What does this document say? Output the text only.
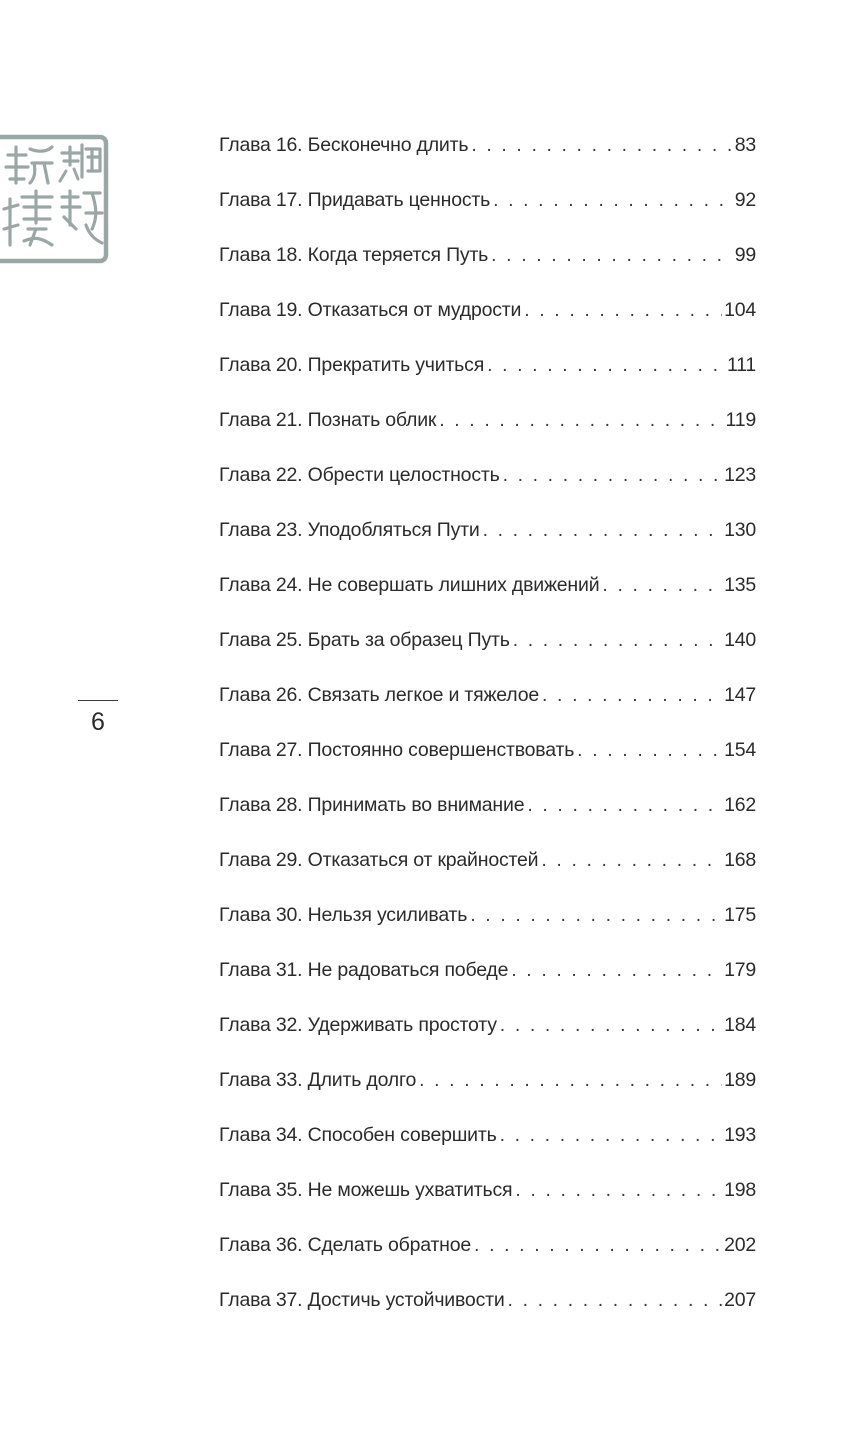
6
Глава 16. Бесконечно длить . . .	83
Глава 17. Придавать ценность . . .	92
Глава 18. Когда теряется Путь . . .	99
Глава 19. Отказаться от мудрости . . .	104
Глава 20. Прекратить учиться . . .	111
Глава 21. Познать облик . . .	119
Глава 22. Обрести целостность . . .	123
Глава 23. Уподобляться Пути . . .	130
Глава 24. Не совершать лишних движений . . .	135
Глава 25. Брать за образец Путь . . .	140
Глава 26. Связать легкое и тяжелое . . .	147
Глава 27. Постоянно совершенствовать . . .	154
Глава 28. Принимать во внимание . . .	162
Глава 29. Отказаться от крайностей . . .	168
Глава 30. Нельзя усиливать . . .	175
Глава 31. Не радоваться победе . . .	179
Глава 32. Удерживать простоту . . .	184
Глава 33. Длить долго . . .	189
Глава 34. Способен совершить . . .	193
Глава 35. Не можешь ухватиться . . .	198
Глава 36. Сделать обратное . . .	202
Глава 37. Достичь устойчивости . . .	207
